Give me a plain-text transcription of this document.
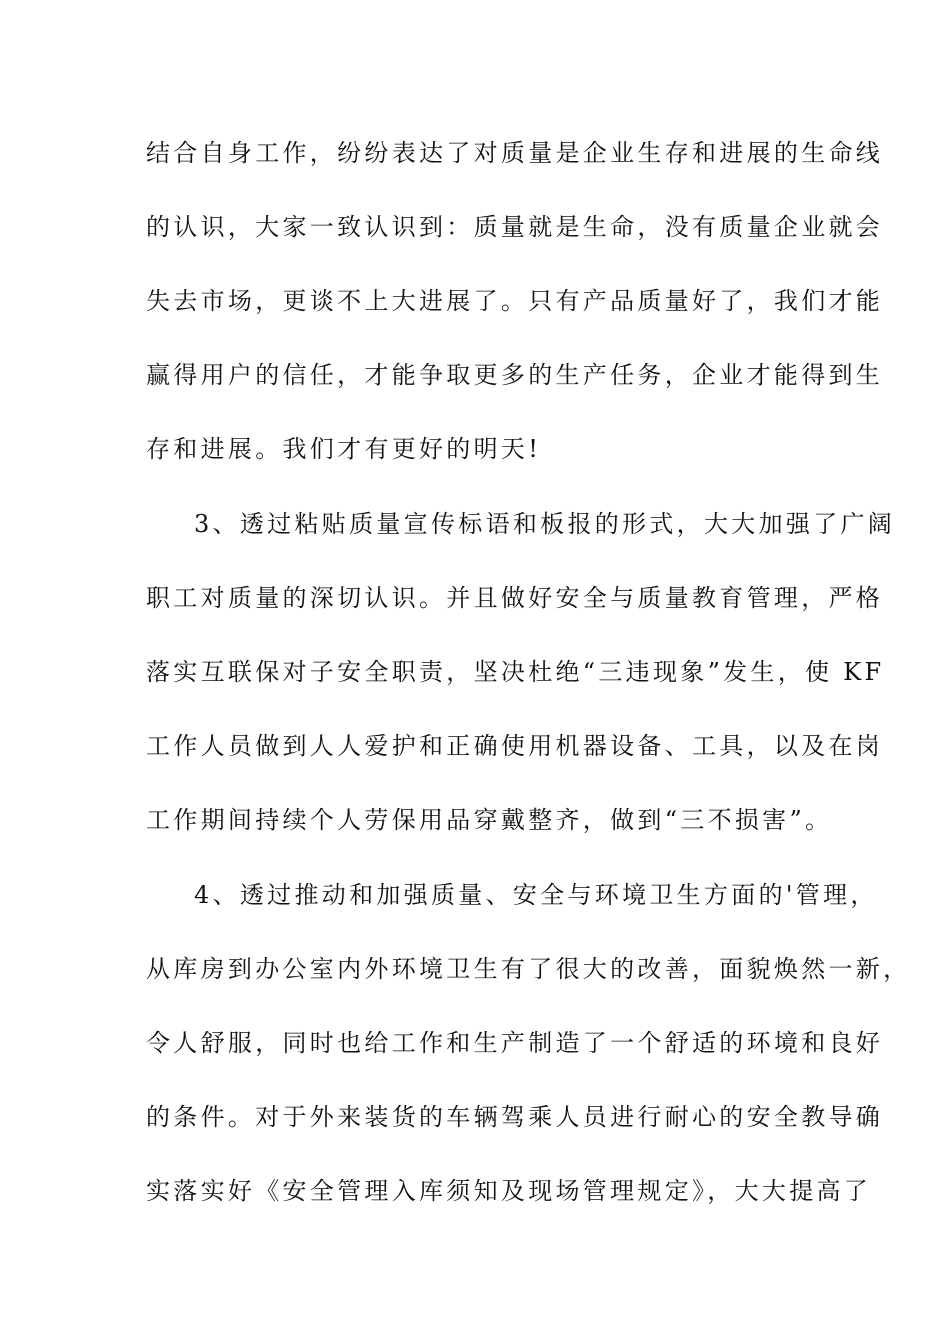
结合自身工作，纷纷表达了对质量是企业生存和进展的生命线
的认识，大家一致认识到：质量就是生命，没有质量企业就会
失去市场，更谈不上大进展了。只有产品质量好了，我们才能
赢得用户的信任，才能争取更多的生产任务，企业才能得到生
存和进展。我们才有更好的明天!
3、透过粘贴质量宣传标语和板报的形式，大大加强了广阔
职工对质量的深切认识。并且做好安全与质量教育管理，严格
落实互联保对子安全职责，坚决杜绝“三违现象”发生，使 KF
工作人员做到人人爱护和正确使用机器设备、工具，以及在岗
工作期间持续个人劳保用品穿戴整齐，做到“三不损害”。
4、透过推动和加强质量、安全与环境卫生方面的'管理，
从库房到办公室内外环境卫生有了很大的改善，面貌焕然一新，
令人舒服，同时也给工作和生产制造了一个舒适的环境和良好
的条件。对于外来装货的车辆驾乘人员进行耐心的安全教导确
实落实好《安全管理入库须知及现场管理规定》，大大提高了
